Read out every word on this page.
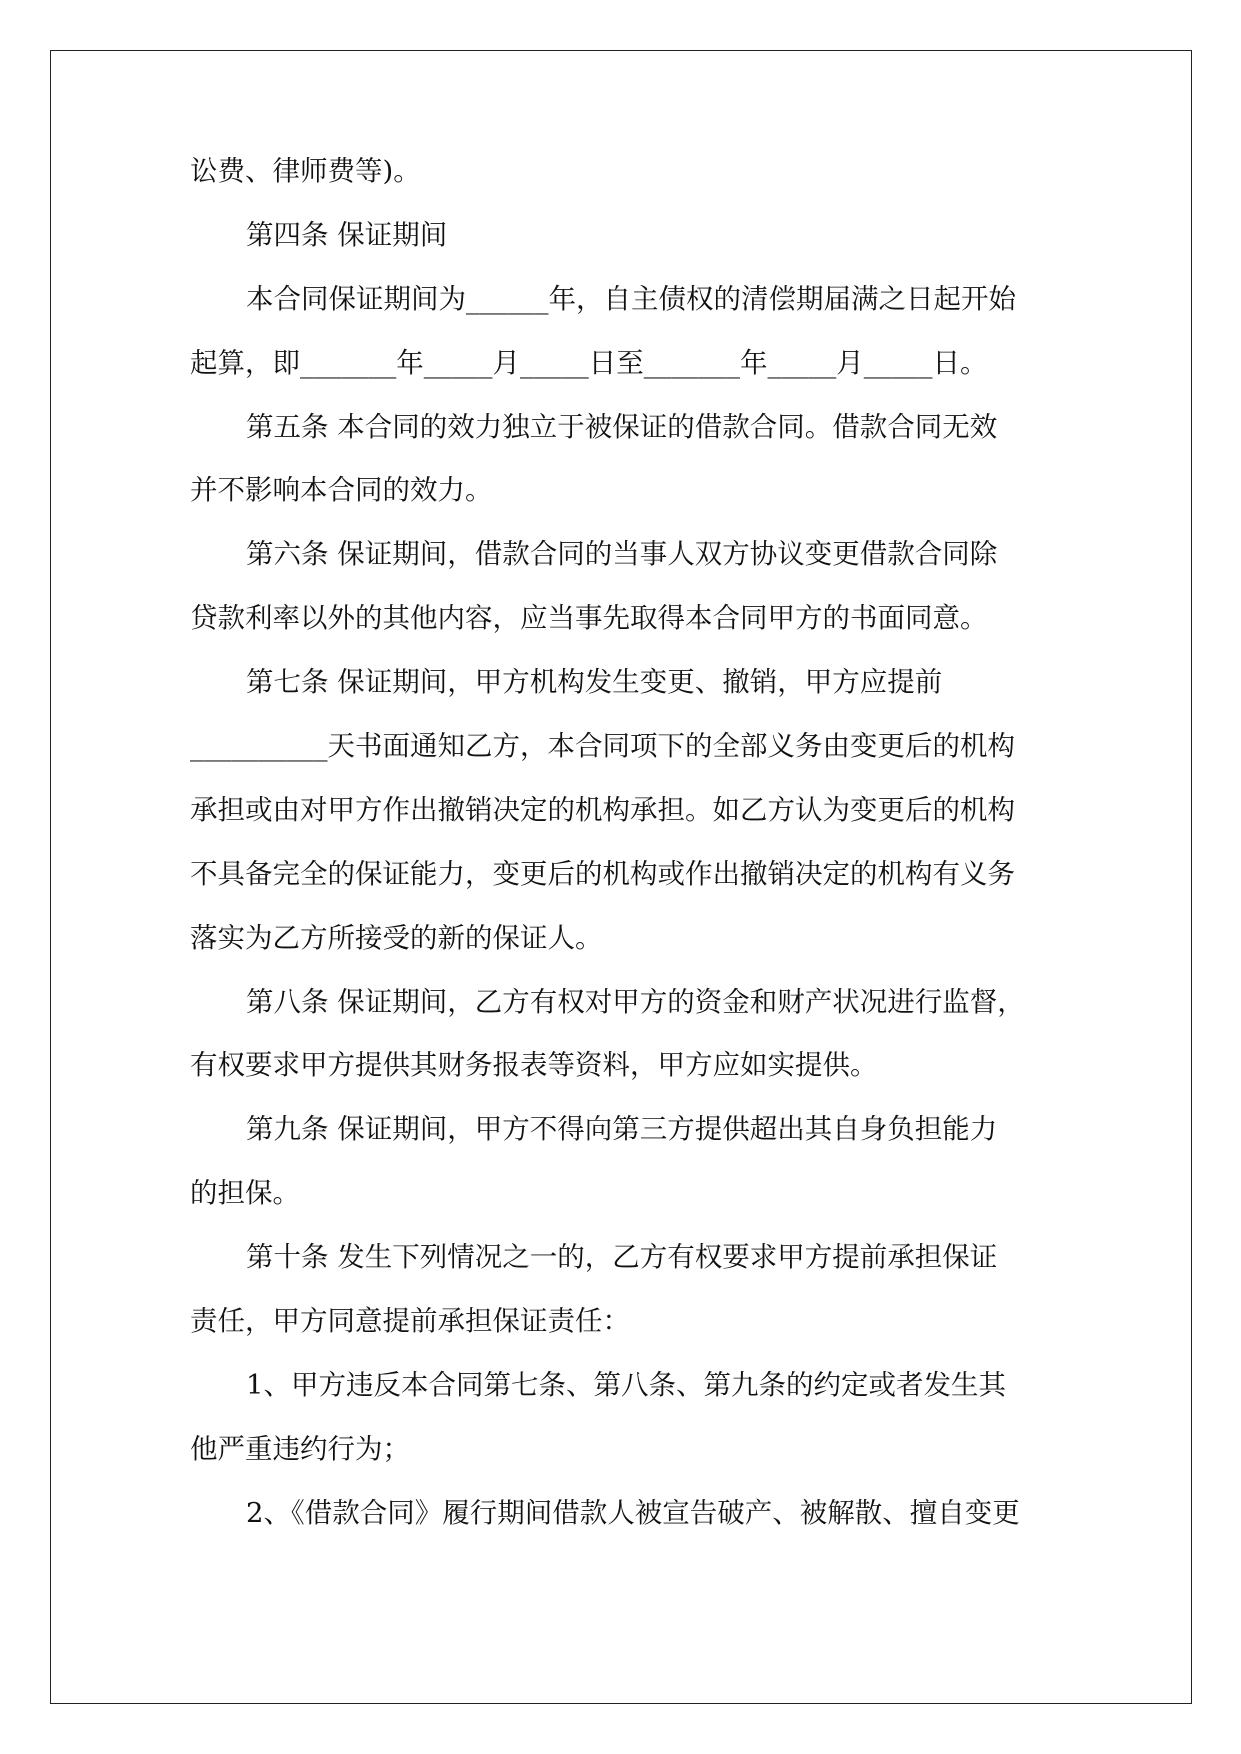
讼费、律师费等)。
第四条 保证期间
本合同保证期间为______年，自主债权的清偿期届满之日起开始
起算，即_______年_____月_____日至_______年_____月_____日。
第五条 本合同的效力独立于被保证的借款合同。借款合同无效
并不影响本合同的效力。
第六条 保证期间，借款合同的当事人双方协议变更借款合同除
贷款利率以外的其他内容，应当事先取得本合同甲方的书面同意。
第七条 保证期间，甲方机构发生变更、撤销，甲方应提前
__________天书面通知乙方，本合同项下的全部义务由变更后的机构
承担或由对甲方作出撤销决定的机构承担。如乙方认为变更后的机构
不具备完全的保证能力，变更后的机构或作出撤销决定的机构有义务
落实为乙方所接受的新的保证人。
第八条 保证期间，乙方有权对甲方的资金和财产状况进行监督，
有权要求甲方提供其财务报表等资料，甲方应如实提供。
第九条 保证期间，甲方不得向第三方提供超出其自身负担能力
的担保。
第十条 发生下列情况之一的，乙方有权要求甲方提前承担保证
责任，甲方同意提前承担保证责任：
1、甲方违反本合同第七条、第八条、第九条的约定或者发生其
他严重违约行为；
2、《借款合同》履行期间借款人被宣告破产、被解散、擅自变更
